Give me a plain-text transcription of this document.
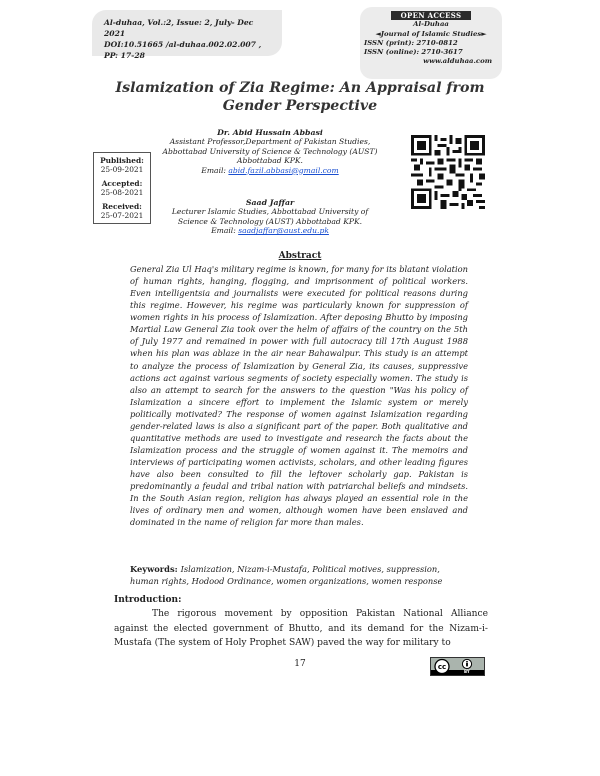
Al-duhaa, Vol.:2, Issue: 2, July- Dec 2021
DOI:10.51665 /al-duhaa.002.02.007 , PP: 17-28
OPEN ACCESS
Al-Duhaa
◄Journal of Islamic Studies►
ISSN (print): 2710-0812
ISSN (online): 2710-3617
www.alduhaa.com
Islamization of Zia Regime: An Appraisal from Gender Perspective
Published:
25-09-2021
Accepted:
25-08-2021
Received:
25-07-2021
Dr. Abid Hussain Abbasi
Assistant Professor,Department of Pakistan Studies,
Abbottabad University of Science & Technology (AUST)
Abbottabad KPK.
Email: abid.fazil.abbasi@gmail.com
Saad Jaffar
Lecturer Islamic Studies, Abbottabad University of
Science & Technology (AUST) Abbottabad KPK.
Email: saadjaffar@aust.edu.pk
Abstract

General Zia Ul Haq's military regime is known, for many for its blatant violation of human rights, hanging, flogging, and imprisonment of political workers. Even intelligentsia and journalists were executed for political reasons during this regime. However, his regime was particularly known for suppression of women rights in his process of Islamization. After deposing Bhutto by imposing Martial Law General Zia took over the helm of affairs of the country on the 5th of July 1977 and remained in power with full autocracy till 17th August 1988 when his plan was ablaze in the air near Bahawalpur. This study is an attempt to analyze the process of Islamization by General Zia, its causes, suppressive actions act against various segments of society especially women. The study is also an attempt to search for the answers to the question "Was his policy of Islamization a sincere effort to implement the Islamic system or merely politically motivated? The response of women against Islamization regarding gender-related laws is also a significant part of the paper. Both qualitative and quantitative methods are used to investigate and research the facts about the Islamization process and the struggle of women against it. The memoirs and interviews of participating women activists, scholars, and other leading figures have also been consulted to fill the leftover scholarly gap. Pakistan is predominantly a feudal and tribal nation with patriarchal beliefs and mindsets. In the South Asian region, religion has always played an essential role in the lives of ordinary men and women, although women have been enslaved and dominated in the name of religion far more than males.

Keywords: Islamization, Nizam-i-Mustafa, Political motives, suppression, human rights, Hodood Ordinance, women organizations, women response

Introduction:

The rigorous movement by opposition Pakistan National Alliance against the elected government of Bhutto, and its demand for the Nizam-i-Mustafa (The system of Holy Prophet SAW) paved the way for military to

17	cc
BY
